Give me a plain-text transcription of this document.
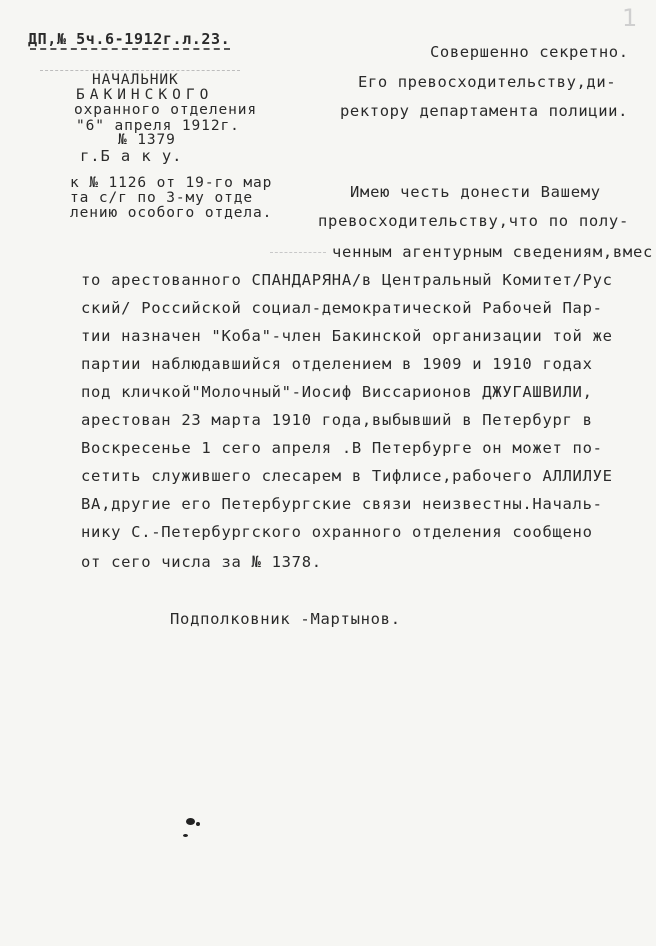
1
ДП,№ 5ч.6-1912г.л.23.
НАЧАЛЬНИК
БАКИНСКОГО
охранного отделения
"6" апреля 1912г.
№ 1379
г.Б а к у.
к № 1126 от 19-го мар
та с/г по 3-му отде
лению особого отдела.
Совершенно секретно.
Его превосходительству,ди-
ректору департамента полиции.
Имею честь донести Вашему
превосходительству,что по полу-
ченным агентурным сведениям,вмес
то арестованного СПАНДАРЯНА/в Центральный Комитет/Рус
ский/ Российской социал-демократической Рабочей Пар-
тии назначен "Коба"-член Бакинской организации той же
партии наблюдавшийся отделением в 1909 и 1910 годах
под кличкой"Молочный"-Иосиф Виссарионов ДЖУГАШВИЛИ,
арестован 23 марта 1910 года,выбывший в Петербург в
Воскресенье 1 сего апреля .В Петербурге он может по-
сетить служившего слесарем в Тифлисе,рабочего АЛЛИЛУЕ
ВА,другие его Петербургские связи неизвестны.Началь-
нику С.-Петербургского охранного отделения сообщено
от сего числа за № 1378.
Подполковник -Мартынов.
